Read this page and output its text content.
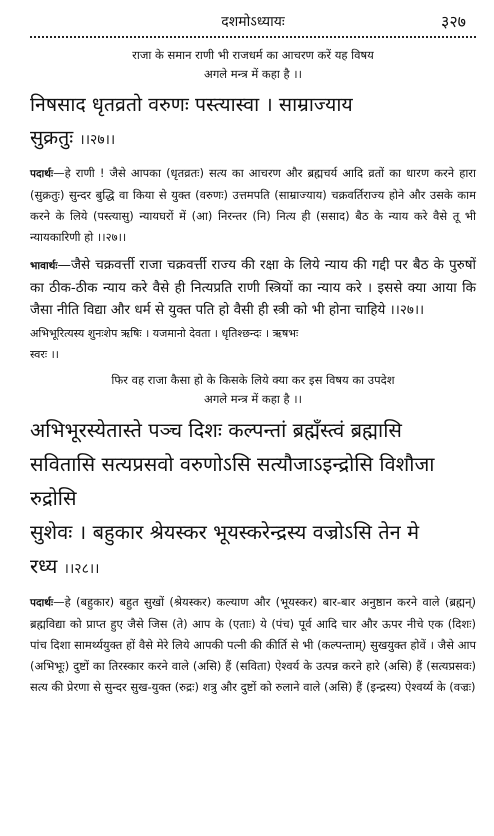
दशमोऽध्यायः	३२७

राजा के समान राणी भी राजधर्म का आचरण करें यह विषय
अगले मन्त्र में कहा है ।।

निषसाद धृतव्रतो वरुणः पस्त्यास्वा । साम्राज्याय
सुक्रतुः ।।२७।।

पदार्थः—हे राणी ! जैसे आपका (धृतव्रतः) सत्य का आचरण और ब्रह्मचर्य आदि व्रतों का धारण करने हारा (सुक्रतुः) सुन्दर बुद्धि वा किया से युक्त (वरुणः) उत्तमपति (साम्राज्याय) चक्रवर्तिराज्य होने और उसके काम करने के लिये (पस्त्यासु) न्यायघरों में (आ) निरन्तर (नि) नित्य ही (ससाद) बैठ के न्याय करे वैसे तू भी न्यायकारिणी हो ।।२७।।

भावार्थः—जैसे चक्रवर्त्ती राजा चक्रवर्त्ती राज्य की रक्षा के लिये न्याय की गद्दी पर बैठ के पुरुषों का ठीक-ठीक न्याय करे वैसे ही नित्यप्रति राणी स्त्रियों का न्याय करे । इससे क्या आया कि जैसा नीति विद्या और धर्म से युक्त पति हो वैसी ही स्त्री को भी होना चाहिये ।।२७।।

अभिभूरित्यस्य शुनःशेप ऋषिः । यजमानो देवता । धृतिश्छन्दः । ऋषभः
स्वरः ।।

फिर वह राजा कैसा हो के किसके लिये क्या कर इस विषय का उपदेश
अगले मन्त्र में कहा है ।।

अभिभूरस्येतास्ते पञ्च दिशः कल्पन्तां ब्रह्मँस्त्वं ब्रह्मासि
सवितासि सत्यप्रसवो वरुणोऽसि सत्यौजाऽइन्द्रोसि विशौजा रुद्रोसि
सुशेवः । बहुकार श्रेयस्कर भूयस्करेन्द्रस्य वज्रोऽसि तेन मे
रध्य ।।२८।।

पदार्थः—हे (बहुकार) बहुत सुखों (श्रेयस्कर) कल्याण और (भूयस्कर) बार-बार अनुष्ठान करने वाले (ब्रह्मन्) ब्रह्मविद्या को प्राप्त हुए जैसे जिस (ते) आप के (एताः) ये (पंच) पूर्व आदि चार और ऊपर नीचे एक (दिशः) पांच दिशा सामर्थ्ययुक्त हों वैसे मेरे लिये आपकी पत्नी की कीर्ति से भी (कल्पन्ताम्) सुखयुक्त होवें । जैसे आप (अभिभूः) दुष्टों का तिरस्कार करने वाले (असि) हैं (सविता) ऐश्वर्य के उत्पन्न करने हारे (असि) हैं (सत्यप्रसवः) सत्य की प्रेरणा से सुन्दर सुख-युक्त (रुद्रः) शत्रु और दुष्टों को रुलाने वाले (असि) हैं (इन्द्रस्य) ऐश्वर्य्य के (वज्रः)
